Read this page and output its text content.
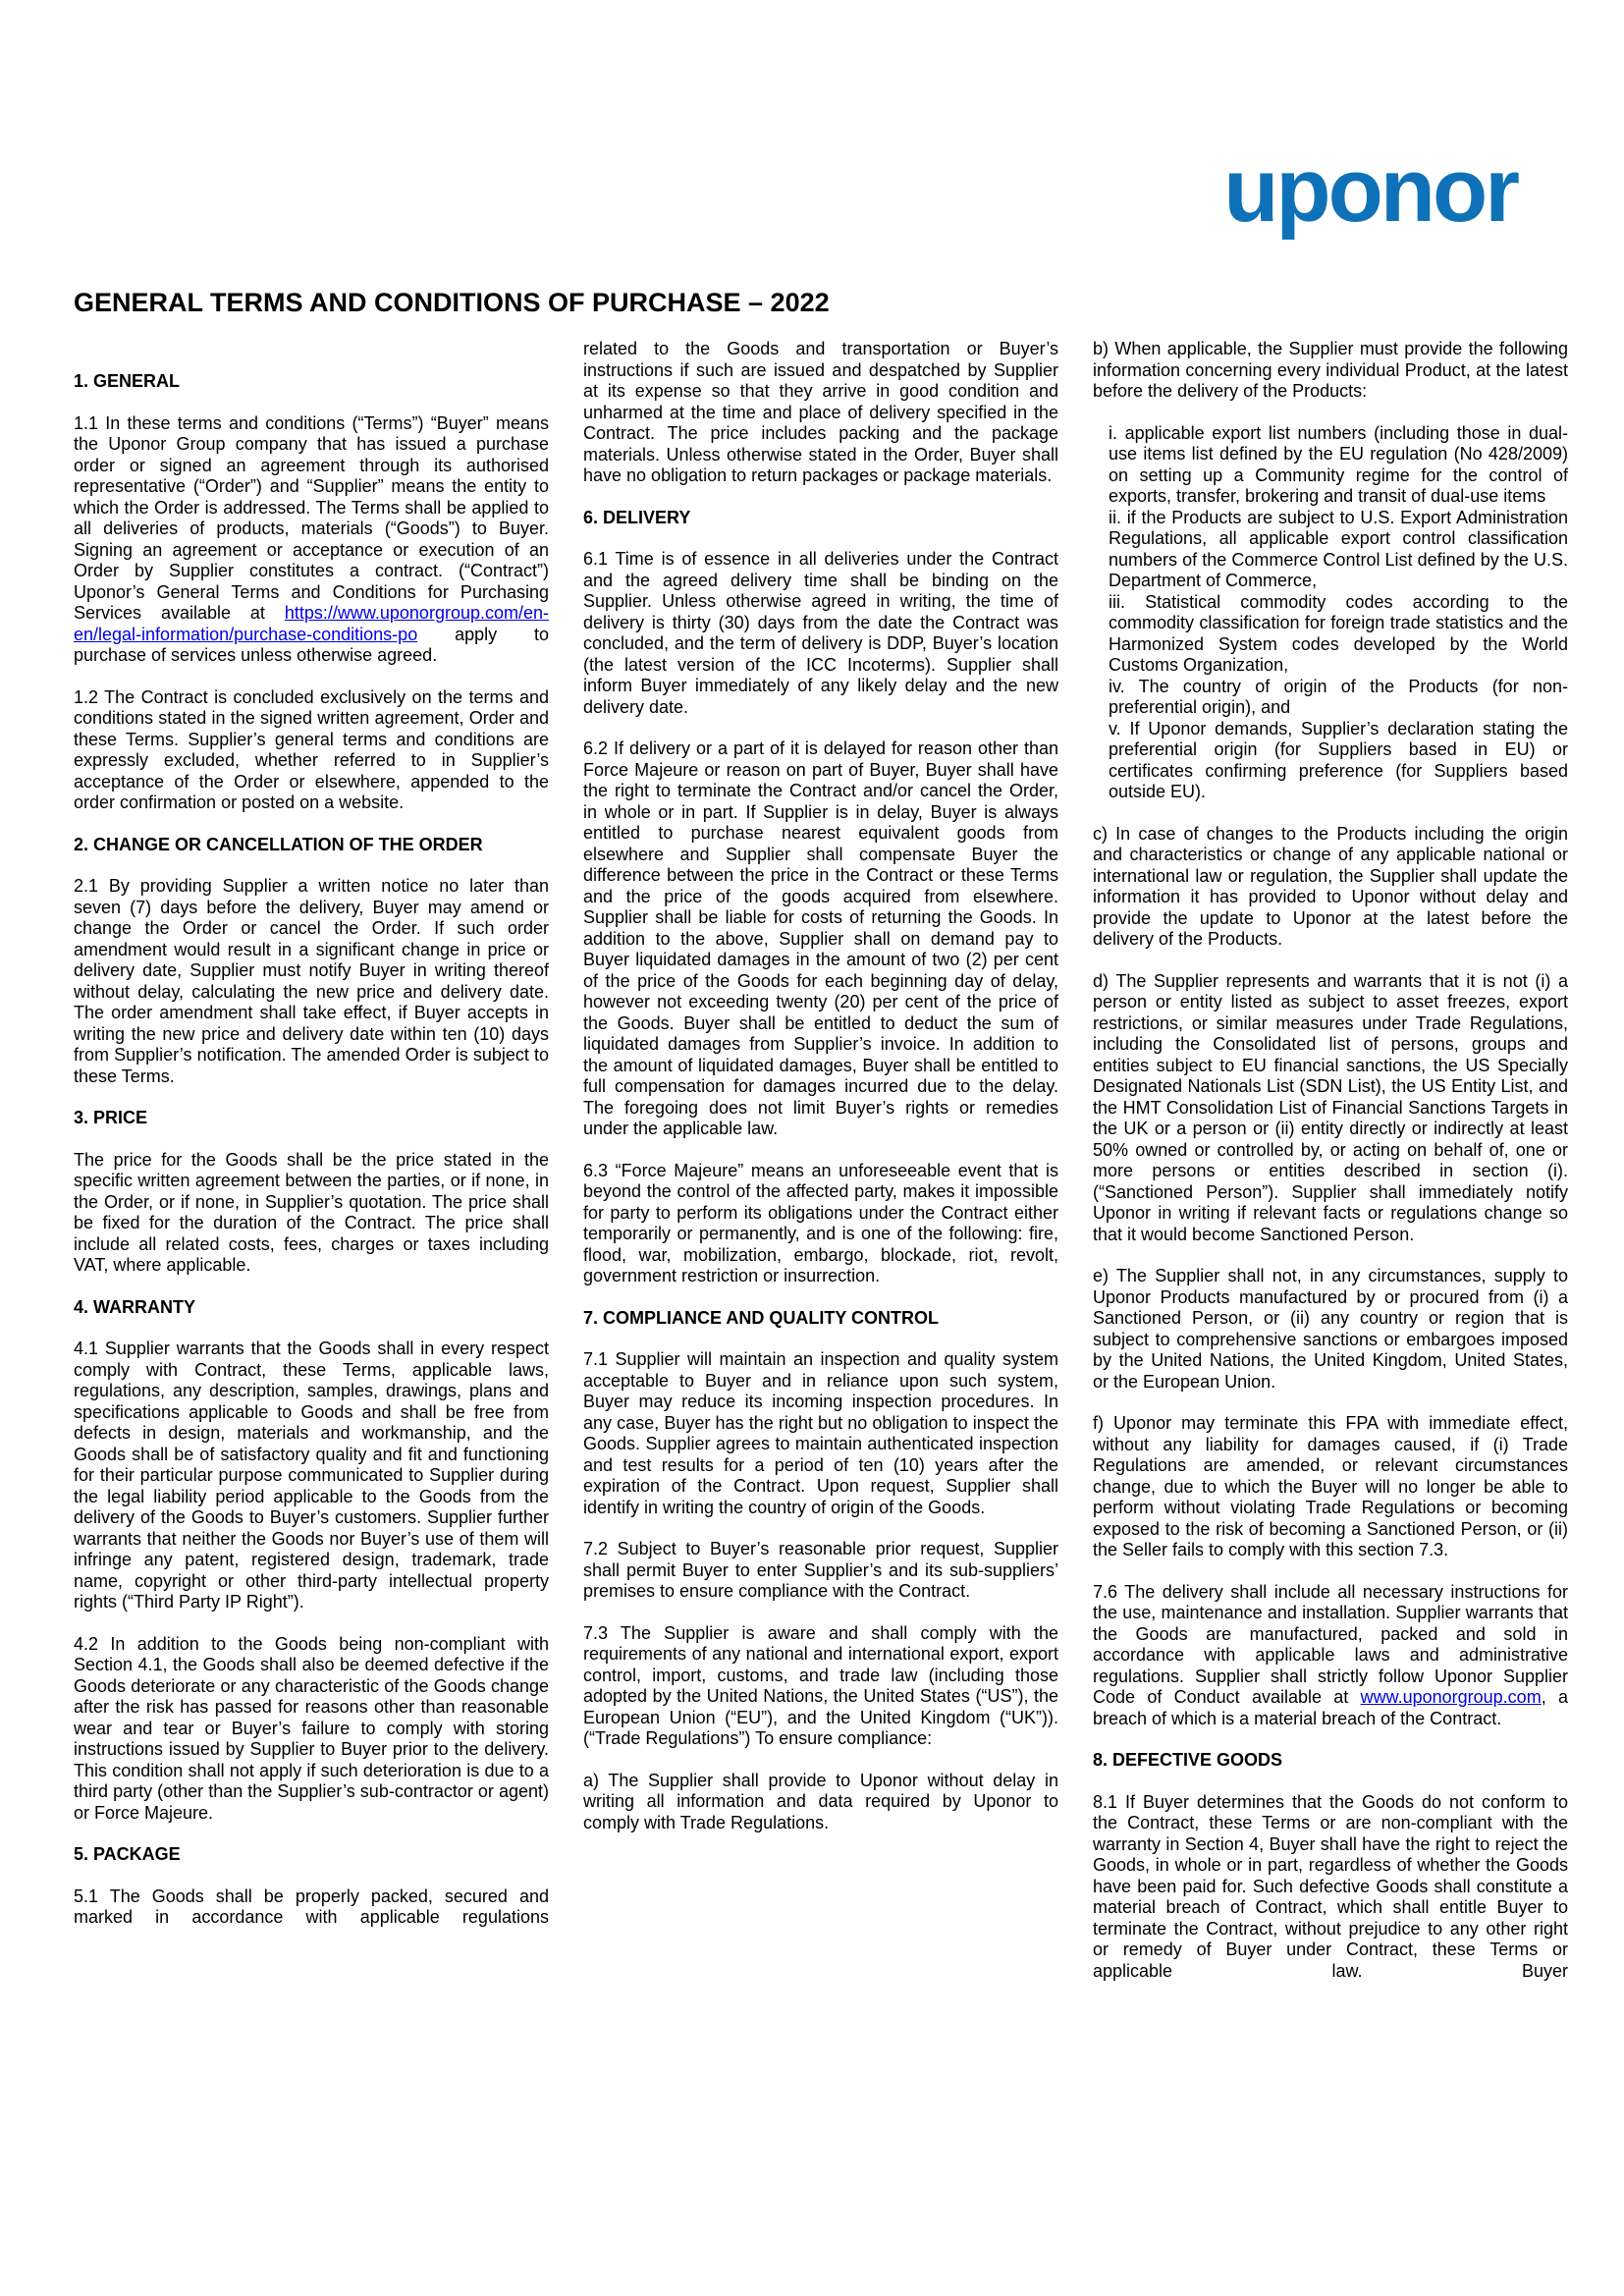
uponor
GENERAL TERMS AND CONDITIONS OF PURCHASE – 2022
1. GENERAL

1.1 In these terms and conditions (“Terms”) “Buyer” means the Uponor Group company that has issued a purchase order or signed an agreement through its authorised representative (“Order”) and “Supplier” means the entity to which the Order is addressed. The Terms shall be applied to all deliveries of products, materials (“Goods”) to Buyer. Signing an agreement or acceptance or execution of an Order by Supplier constitutes a contract. (“Contract”) Uponor’s General Terms and Conditions for Purchasing Services available at https://www.uponorgroup.com/en-en/legal-information/purchase-conditions-po apply to purchase of services unless otherwise agreed.

1.2 The Contract is concluded exclusively on the terms and conditions stated in the signed written agreement, Order and these Terms. Supplier’s general terms and conditions are expressly excluded, whether referred to in Supplier’s acceptance of the Order or elsewhere, appended to the order confirmation or posted on a website.

2. CHANGE OR CANCELLATION OF THE ORDER

2.1 By providing Supplier a written notice no later than seven (7) days before the delivery, Buyer may amend or change the Order or cancel the Order. If such order amendment would result in a significant change in price or delivery date, Supplier must notify Buyer in writing thereof without delay, calculating the new price and delivery date. The order amendment shall take effect, if Buyer accepts in writing the new price and delivery date within ten (10) days from Supplier’s notification. The amended Order is subject to these Terms.

3. PRICE

The price for the Goods shall be the price stated in the specific written agreement between the parties, or if none, in the Order, or if none, in Supplier’s quotation. The price shall be fixed for the duration of the Contract. The price shall include all related costs, fees, charges or taxes including VAT, where applicable.

4. WARRANTY

4.1 Supplier warrants that the Goods shall in every respect comply with Contract, these Terms, applicable laws, regulations, any description, samples, drawings, plans and specifications applicable to Goods and shall be free from defects in design, materials and workmanship, and the Goods shall be of satisfactory quality and fit and functioning for their particular purpose communicated to Supplier during the legal liability period applicable to the Goods from the delivery of the Goods to Buyer’s customers. Supplier further warrants that neither the Goods nor Buyer’s use of them will infringe any patent, registered design, trademark, trade name, copyright or other third-party intellectual property rights (“Third Party IP Right”).

4.2 In addition to the Goods being non-compliant with Section 4.1, the Goods shall also be deemed defective if the Goods deteriorate or any characteristic of the Goods change after the risk has passed for reasons other than reasonable wear and tear or Buyer’s failure to comply with storing instructions issued by Supplier to Buyer prior to the delivery. This condition shall not apply if such deterioration is due to a third party (other than the Supplier’s sub-contractor or agent) or Force Majeure.

5. PACKAGE

5.1 The Goods shall be properly packed, secured and marked in accordance with applicable regulations

related to the Goods and transportation or Buyer’s instructions if such are issued and despatched by Supplier at its expense so that they arrive in good condition and unharmed at the time and place of delivery specified in the Contract. The price includes packing and the package materials. Unless otherwise stated in the Order, Buyer shall have no obligation to return packages or package materials.

6. DELIVERY

6.1 Time is of essence in all deliveries under the Contract and the agreed delivery time shall be binding on the Supplier. Unless otherwise agreed in writing, the time of delivery is thirty (30) days from the date the Contract was concluded, and the term of delivery is DDP, Buyer’s location (the latest version of the ICC Incoterms). Supplier shall inform Buyer immediately of any likely delay and the new delivery date.

6.2 If delivery or a part of it is delayed for reason other than Force Majeure or reason on part of Buyer, Buyer shall have the right to terminate the Contract and/or cancel the Order, in whole or in part. If Supplier is in delay, Buyer is always entitled to purchase nearest equivalent goods from elsewhere and Supplier shall compensate Buyer the difference between the price in the Contract or these Terms and the price of the goods acquired from elsewhere. Supplier shall be liable for costs of returning the Goods. In addition to the above, Supplier shall on demand pay to Buyer liquidated damages in the amount of two (2) per cent of the price of the Goods for each beginning day of delay, however not exceeding twenty (20) per cent of the price of the Goods. Buyer shall be entitled to deduct the sum of liquidated damages from Supplier’s invoice. In addition to the amount of liquidated damages, Buyer shall be entitled to full compensation for damages incurred due to the delay. The foregoing does not limit Buyer’s rights or remedies under the applicable law.

6.3 “Force Majeure” means an unforeseeable event that is beyond the control of the affected party, makes it impossible for party to perform its obligations under the Contract either temporarily or permanently, and is one of the following: fire, flood, war, mobilization, embargo, blockade, riot, revolt, government restriction or insurrection.

7. COMPLIANCE AND QUALITY CONTROL

7.1 Supplier will maintain an inspection and quality system acceptable to Buyer and in reliance upon such system, Buyer may reduce its incoming inspection procedures. In any case, Buyer has the right but no obligation to inspect the Goods. Supplier agrees to maintain authenticated inspection and test results for a period of ten (10) years after the expiration of the Contract. Upon request, Supplier shall identify in writing the country of origin of the Goods.

7.2 Subject to Buyer’s reasonable prior request, Supplier shall permit Buyer to enter Supplier’s and its sub-suppliers’ premises to ensure compliance with the Contract.

7.3 The Supplier is aware and shall comply with the requirements of any national and international export, export control, import, customs, and trade law (including those adopted by the United Nations, the United States (“US”), the European Union (“EU”), and the United Kingdom (“UK”)). (“Trade Regulations”) To ensure compliance:

a) The Supplier shall provide to Uponor without delay in writing all information and data required by Uponor to comply with Trade Regulations.

b) When applicable, the Supplier must provide the following information concerning every individual Product, at the latest before the delivery of the Products:

i. applicable export list numbers (including those in dual-use items list defined by the EU regulation (No 428/2009) on setting up a Community regime for the control of exports, transfer, brokering and transit of dual-use items

ii. if the Products are subject to U.S. Export Administration Regulations, all applicable export control classification numbers of the Commerce Control List defined by the U.S. Department of Commerce,

iii. Statistical commodity codes according to the commodity classification for foreign trade statistics and the Harmonized System codes developed by the World Customs Organization,

iv. The country of origin of the Products (for non-preferential origin), and

v. If Uponor demands, Supplier’s declaration stating the preferential origin (for Suppliers based in EU) or certificates confirming preference (for Suppliers based outside EU).

c) In case of changes to the Products including the origin and characteristics or change of any applicable national or international law or regulation, the Supplier shall update the information it has provided to Uponor without delay and provide the update to Uponor at the latest before the delivery of the Products.

d) The Supplier represents and warrants that it is not (i) a person or entity listed as subject to asset freezes, export restrictions, or similar measures under Trade Regulations, including the Consolidated list of persons, groups and entities subject to EU financial sanctions, the US Specially Designated Nationals List (SDN List), the US Entity List, and the HMT Consolidation List of Financial Sanctions Targets in the UK or a person or (ii) entity directly or indirectly at least 50% owned or controlled by, or acting on behalf of, one or more persons or entities described in section (i). (“Sanctioned Person”). Supplier shall immediately notify Uponor in writing if relevant facts or regulations change so that it would become Sanctioned Person.

e) The Supplier shall not, in any circumstances, supply to Uponor Products manufactured by or procured from (i) a Sanctioned Person, or (ii) any country or region that is subject to comprehensive sanctions or embargoes imposed by the United Nations, the United Kingdom, United States, or the European Union.

f) Uponor may terminate this FPA with immediate effect, without any liability for damages caused, if (i) Trade Regulations are amended, or relevant circumstances change, due to which the Buyer will no longer be able to perform without violating Trade Regulations or becoming exposed to the risk of becoming a Sanctioned Person, or (ii) the Seller fails to comply with this section 7.3.

7.6 The delivery shall include all necessary instructions for the use, maintenance and installation. Supplier warrants that the Goods are manufactured, packed and sold in accordance with applicable laws and administrative regulations. Supplier shall strictly follow Uponor Supplier Code of Conduct available at www.uponorgroup.com, a breach of which is a material breach of the Contract.

8. DEFECTIVE GOODS

8.1 If Buyer determines that the Goods do not conform to the Contract, these Terms or are non-compliant with the warranty in Section 4, Buyer shall have the right to reject the Goods, in whole or in part, regardless of whether the Goods have been paid for. Such defective Goods shall constitute a material breach of Contract, which shall entitle Buyer to terminate the Contract, without prejudice to any other right or remedy of Buyer under Contract, these Terms or applicable law. Buyer
